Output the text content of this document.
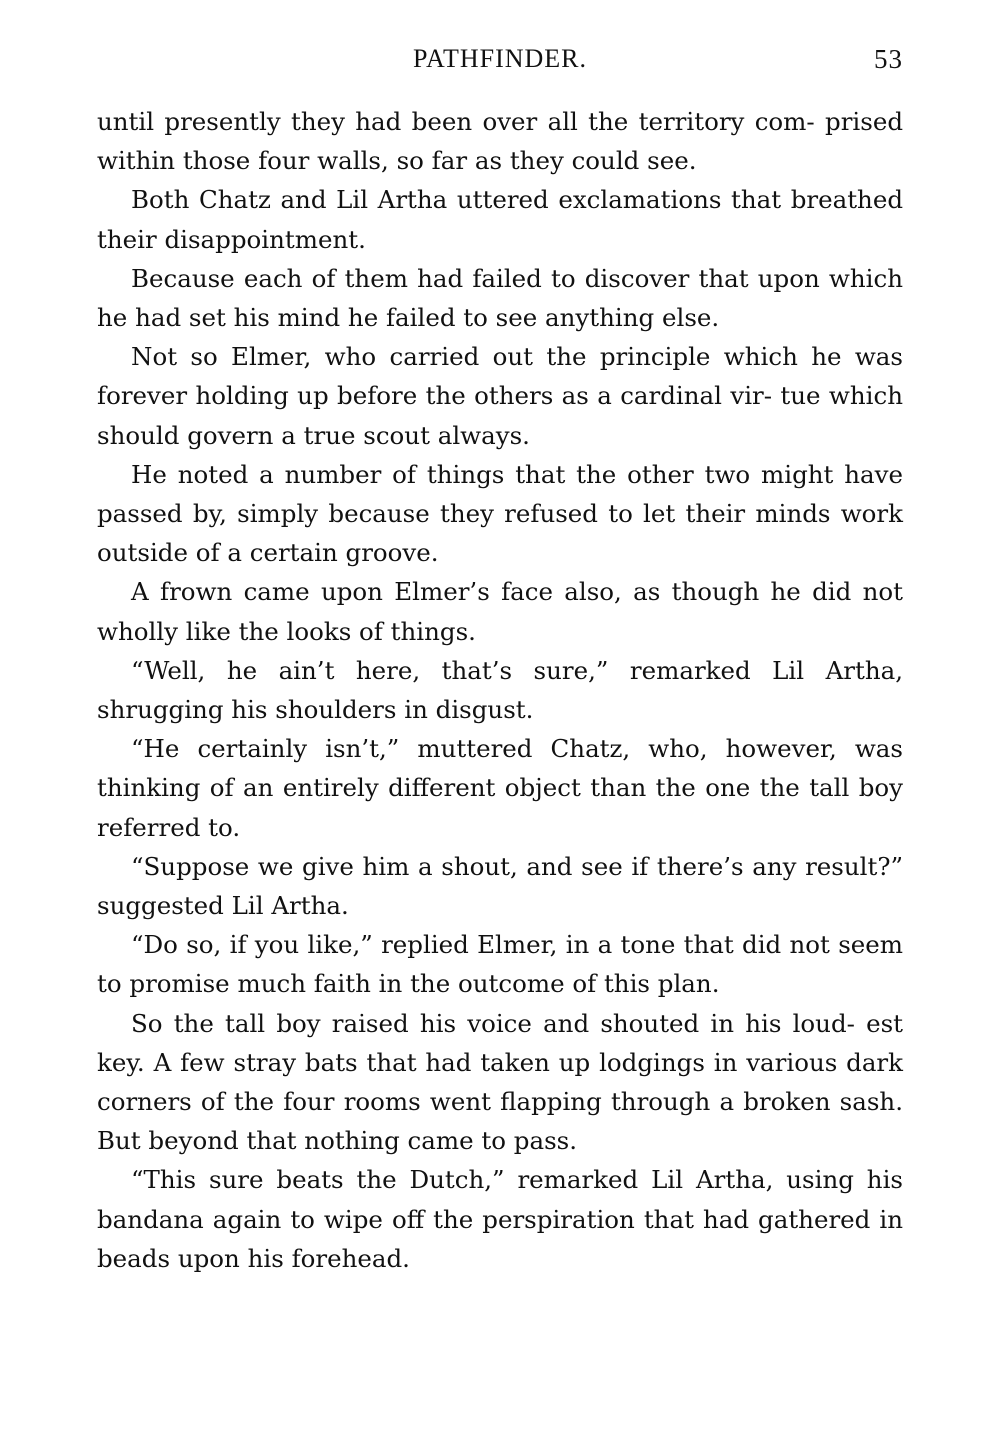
PATHFINDER.	53

until presently they had been over all the territory com- prised within those four walls, so far as they could see.

Both Chatz and Lil Artha uttered exclamations that breathed their disappointment.

Because each of them had failed to discover that upon which he had set his mind he failed to see anything else.

Not so Elmer, who carried out the principle which he was forever holding up before the others as a cardinal vir- tue which should govern a true scout always.

He noted a number of things that the other two might have passed by, simply because they refused to let their minds work outside of a certain groove.

A frown came upon Elmer’s face also, as though he did not wholly like the looks of things.

“Well, he ain’t here, that’s sure,” remarked Lil Artha, shrugging his shoulders in disgust.

“He certainly isn’t,” muttered Chatz, who, however, was thinking of an entirely different object than the one the tall boy referred to.

“Suppose we give him a shout, and see if there’s any result?” suggested Lil Artha.

“Do so, if you like,” replied Elmer, in a tone that did not seem to promise much faith in the outcome of this plan.

So the tall boy raised his voice and shouted in his loud- est key. A few stray bats that had taken up lodgings in various dark corners of the four rooms went flapping through a broken sash. But beyond that nothing came to pass.

“This sure beats the Dutch,” remarked Lil Artha, using his bandana again to wipe off the perspiration that had gathered in beads upon his forehead.
